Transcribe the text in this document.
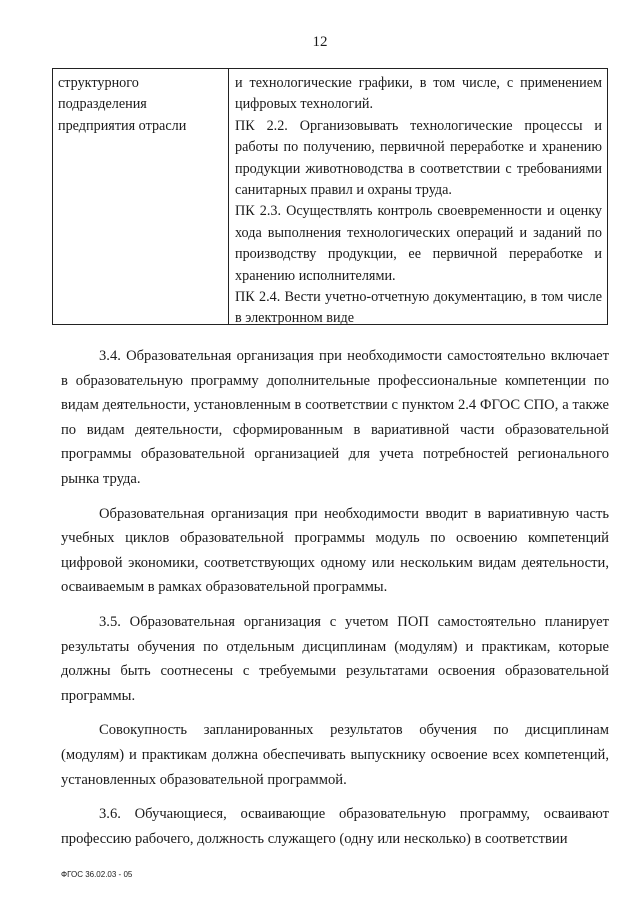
12

структурного

подразделения

предприятия отрасли

и технологические графики, в том числе, с применением цифровых технологий.

ПК 2.2. Организовывать технологические процессы и работы по получению, первичной переработке и хранению продукции животноводства в соответствии с требованиями санитарных правил и охраны труда.

ПК 2.3. Осуществлять контроль своевременности и оценку хода выполнения технологических операций и заданий по производству продукции, ее первичной переработке и хранению исполнителями.

ПК 2.4. Вести учетно-отчетную документацию, в том числе в электронном виде

3.4. Образовательная организация при необходимости самостоятельно включает в образовательную программу дополнительные профессиональные компетенции по видам деятельности, установленным в соответствии с пунктом 2.4 ФГОС СПО, а также по видам деятельности, сформированным в вариативной части образовательной программы образовательной организацией для учета потребностей регионального рынка труда.

Образовательная организация при необходимости вводит в вариативную часть учебных циклов образовательной программы модуль по освоению компетенций цифровой экономики, соответствующих одному или нескольким видам деятельности, осваиваемым в рамках образовательной программы.

3.5. Образовательная организация с учетом ПОП самостоятельно планирует результаты обучения по отдельным дисциплинам (модулям) и практикам, которые должны быть соотнесены с требуемыми результатами освоения образовательной программы.

Совокупность запланированных результатов обучения по дисциплинам (модулям) и практикам должна обеспечивать выпускнику освоение всех компетенций, установленных образовательной программой.

3.6. Обучающиеся, осваивающие образовательную программу, осваивают профессию рабочего, должность служащего (одну или несколько) в соответствии

ФГОС 36.02.03 - 05
